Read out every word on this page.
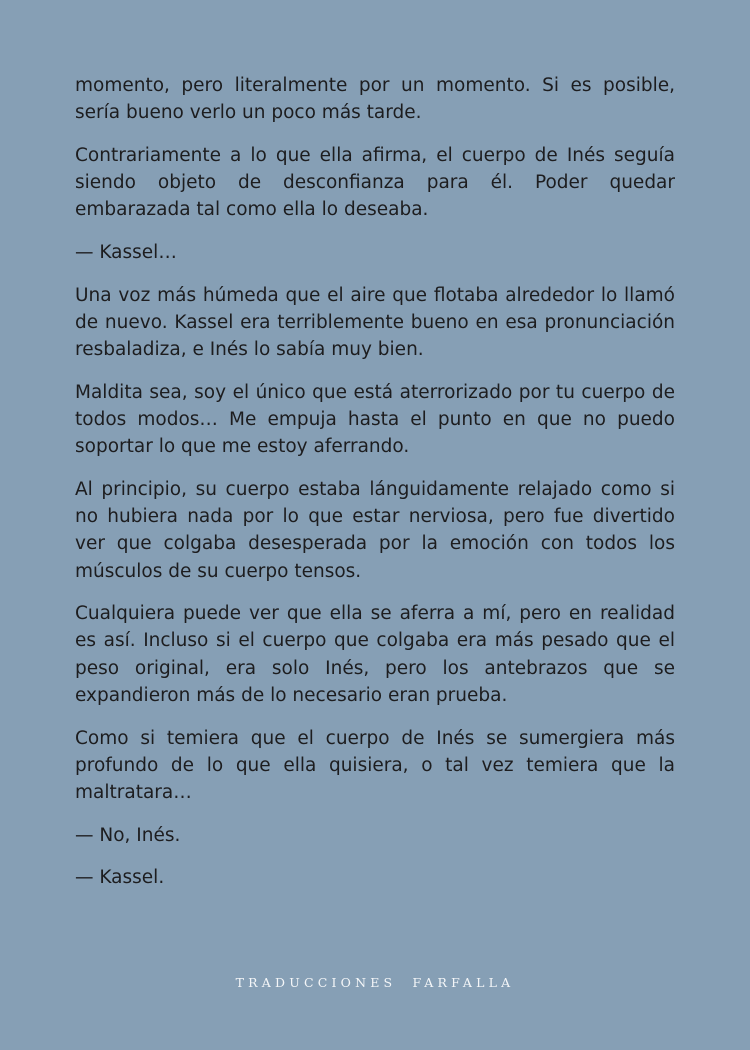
momento, pero literalmente por un momento. Si es posible, sería bueno verlo un poco más tarde.

Contrariamente a lo que ella afirma, el cuerpo de Inés seguía siendo objeto de desconfianza para él. Poder quedar embarazada tal como ella lo deseaba.

— Kassel…

Una voz más húmeda que el aire que flotaba alrededor lo llamó de nuevo. Kassel era terriblemente bueno en esa pronunciación resbaladiza, e Inés lo sabía muy bien.

Maldita sea, soy el único que está aterrorizado por tu cuerpo de todos modos… Me empuja hasta el punto en que no puedo soportar lo que me estoy aferrando.

Al principio, su cuerpo estaba lánguidamente relajado como si no hubiera nada por lo que estar nerviosa, pero fue divertido ver que colgaba desesperada por la emoción con todos los músculos de su cuerpo tensos.

Cualquiera puede ver que ella se aferra a mí, pero en realidad es así. Incluso si el cuerpo que colgaba era más pesado que el peso original, era solo Inés, pero los antebrazos que se expandieron más de lo necesario eran prueba.

Como si temiera que el cuerpo de Inés se sumergiera más profundo de lo que ella quisiera, o tal vez temiera que la maltratara…

— No, Inés.

— Kassel.

TRADUCCIONES FARFALLA
